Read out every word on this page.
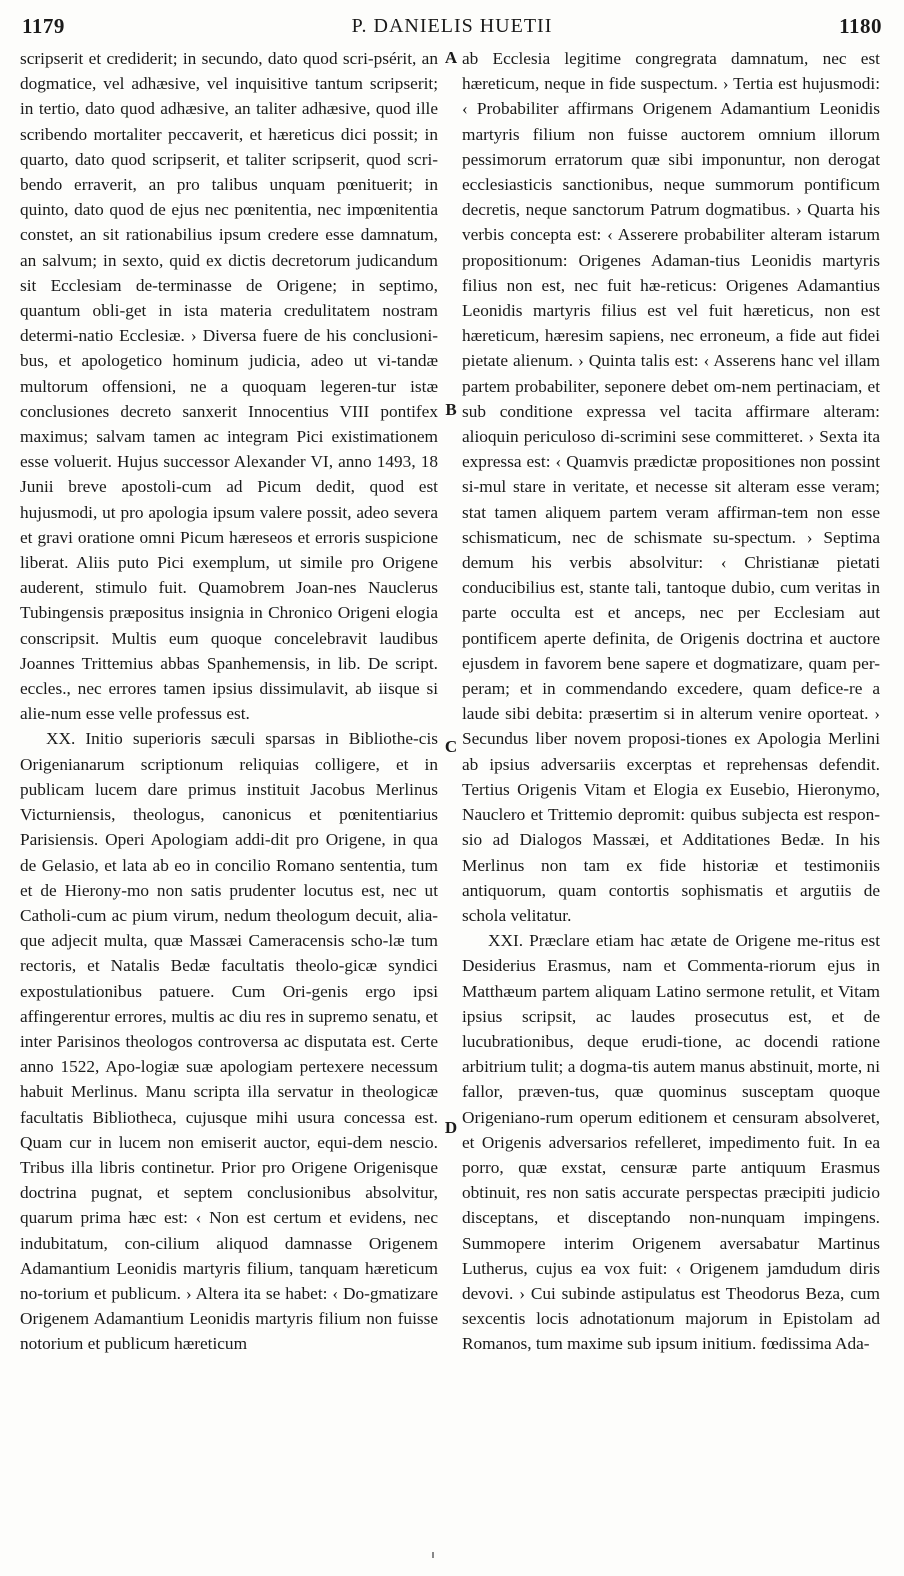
1179	P. DANIELIS HUETII	1180

scripserit et crediderit; in secundo, dato quod scri-psérit, an dogmatice, vel adhæsive, vel inquisitive tantum scripserit; in tertio, dato quod adhæsive, an taliter adhæsive, quod ille scribendo mortaliter peccaverit, et hæreticus dici possit; in quarto, dato quod scripserit, et taliter scripserit, quod scri-bendo erraverit, an pro talibus unquam pœnituerit; in quinto, dato quod de ejus nec pœnitentia, nec impœnitentia constet, an sit rationabilius ipsum credere esse damnatum, an salvum; in sexto, quid ex dictis decretorum judicandum sit Ecclesiam de-terminasse de Origene; in septimo, quantum obli-get in ista materia credulitatem nostram determi-natio Ecclesiæ. › Diversa fuere de his conclusioni-bus, et apologetico hominum judicia, adeo ut vi-tandæ multorum offensioni, ne a quoquam legeren-tur istæ conclusiones decreto sanxerit Innocentius VIII pontifex maximus; salvam tamen ac integram Pici existimationem esse voluerit. Hujus successor Alexander VI, anno 1493, 18 Junii breve apostoli-cum ad Picum dedit, quod est hujusmodi, ut pro apologia ipsum valere possit, adeo severa et gravi oratione omni Picum hæreseos et erroris suspicione liberat. Aliis puto Pici exemplum, ut simile pro Origene auderent, stimulo fuit. Quamobrem Joan-nes Nauclerus Tubingensis præpositus insignia in Chronico Origeni elogia conscripsit. Multis eum quoque concelebravit laudibus Joannes Trittemius abbas Spanhemensis, in lib. De script. eccles., nec errores tamen ipsius dissimulavit, ab iisque si alie-num esse velle professus est.

XX. Initio superioris sæculi sparsas in Bibliothe-cis Origenianarum scriptionum reliquias colligere, et in publicam lucem dare primus instituit Jacobus Merlinus Victurniensis, theologus, canonicus et pœnitentiarius Parisiensis. Operi Apologiam addi-dit pro Origene, in qua de Gelasio, et lata ab eo in concilio Romano sententia, tum et de Hierony-mo non satis prudenter locutus est, nec ut Catholi-cum ac pium virum, nedum theologum decuit, alia-que adjecit multa, quæ Massæi Cameracensis scho-læ tum rectoris, et Natalis Bedæ facultatis theolo-gicæ syndici expostulationibus patuere. Cum Ori-genis ergo ipsi affingerentur errores, multis ac diu res in supremo senatu, et inter Parisinos theologos controversa ac disputata est. Certe anno 1522, Apo-logiæ suæ apologiam pertexere necessum habuit Merlinus. Manu scripta illa servatur in theologicæ facultatis Bibliotheca, cujusque mihi usura concessa est. Quam cur in lucem non emiserit auctor, equi-dem nescio. Tribus illa libris continetur. Prior pro Origene Origenisque doctrina pugnat, et septem conclusionibus absolvitur, quarum prima hæc est: ‹ Non est certum et evidens, nec indubitatum, con-cilium aliquod damnasse Origenem Adamantium Leonidis martyris filium, tanquam hæreticum no-torium et publicum. › Altera ita se habet: ‹ Do-gmatizare Origenem Adamantium Leonidis martyris filium non fuisse notorium et publicum hæreticum

A
B
C
D

ab Ecclesia legitime congregrata damnatum, nec est hæreticum, neque in fide suspectum. › Tertia est hujusmodi: ‹ Probabiliter affirmans Origenem Adamantium Leonidis martyris filium non fuisse auctorem omnium illorum pessimorum erratorum quæ sibi imponuntur, non derogat ecclesiasticis sanctionibus, neque summorum pontificum decretis, neque sanctorum Patrum dogmatibus. › Quarta his verbis concepta est: ‹ Asserere probabiliter alteram istarum propositionum: Origenes Adaman-tius Leonidis martyris filius non est, nec fuit hæ-reticus: Origenes Adamantius Leonidis martyris filius est vel fuit hæreticus, non est hæreticum, hæresim sapiens, nec erroneum, a fide aut fidei pietate alienum. › Quinta talis est: ‹ Asserens hanc vel illam partem probabiliter, seponere debet om-nem pertinaciam, et sub conditione expressa vel tacita affirmare alteram: alioquin periculoso di-scrimini sese committeret. › Sexta ita expressa est: ‹ Quamvis prædictæ propositiones non possint si-mul stare in veritate, et necesse sit alteram esse veram; stat tamen aliquem partem veram affirman-tem non esse schismaticum, nec de schismate su-spectum. › Septima demum his verbis absolvitur: ‹ Christianæ pietati conducibilius est, stante tali, tantoque dubio, cum veritas in parte occulta est et anceps, nec per Ecclesiam aut pontificem aperte definita, de Origenis doctrina et auctore ejusdem in favorem bene sapere et dogmatizare, quam per-peram; et in commendando excedere, quam defice-re a laude sibi debita: præsertim si in alterum venire oporteat. › Secundus liber novem proposi-tiones ex Apologia Merlini ab ipsius adversariis excerptas et reprehensas defendit. Tertius Origenis Vitam et Elogia ex Eusebio, Hieronymo, Nauclero et Trittemio depromit: quibus subjecta est respon-sio ad Dialogos Massæi, et Additationes Bedæ. In his Merlinus non tam ex fide historiæ et testimoniis antiquorum, quam contortis sophismatis et argutiis de schola velitatur.

XXI. Præclare etiam hac ætate de Origene me-ritus est Desiderius Erasmus, nam et Commenta-riorum ejus in Matthæum partem aliquam Latino sermone retulit, et Vitam ipsius scripsit, ac laudes prosecutus est, et de lucubrationibus, deque erudi-tione, ac docendi ratione arbitrium tulit; a dogma-tis autem manus abstinuit, morte, ni fallor, præven-tus, quæ quominus susceptam quoque Origeniano-rum operum editionem et censuram absolveret, et Origenis adversarios refelleret, impedimento fuit. In ea porro, quæ exstat, censuræ parte antiquum Erasmus obtinuit, res non satis accurate perspectas præcipiti judicio disceptans, et disceptando non-nunquam impingens. Summopere interim Origenem aversabatur Martinus Lutherus, cujus ea vox fuit: ‹ Origenem jamdudum diris devovi. › Cui subinde astipulatus est Theodorus Beza, cum sexcentis locis adnotationum majorum in Epistolam ad Romanos, tum maxime sub ipsum initium. fœdissima Ada-
